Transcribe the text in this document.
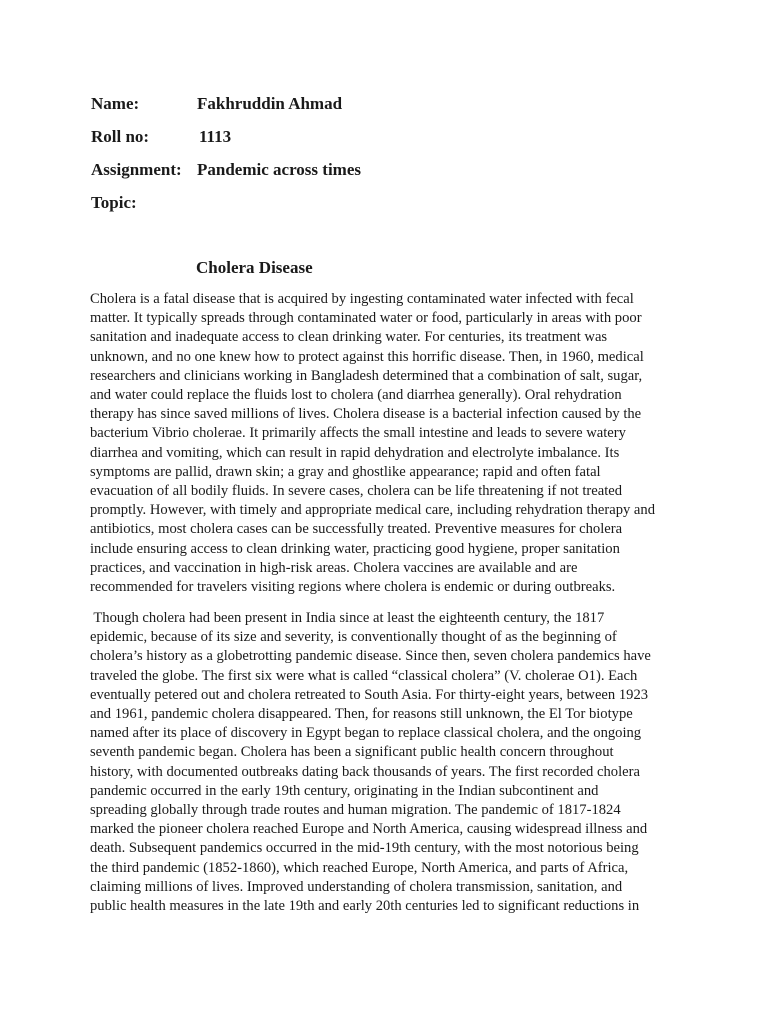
Name:	Fakhruddin Ahmad
Roll no:	1113
Assignment: Pandemic across times
Topic:
Cholera Disease

Cholera is a fatal disease that is acquired by ingesting contaminated water infected with fecal
matter. It typically spreads through contaminated water or food, particularly in areas with poor
sanitation and inadequate access to clean drinking water. For centuries, its treatment was
unknown, and no one knew how to protect against this horrific disease. Then, in 1960, medical
researchers and clinicians working in Bangladesh determined that a combination of salt, sugar,
and water could replace the fluids lost to cholera (and diarrhea generally). Oral rehydration
therapy has since saved millions of lives. Cholera disease is a bacterial infection caused by the
bacterium Vibrio cholerae. It primarily affects the small intestine and leads to severe watery
diarrhea and vomiting, which can result in rapid dehydration and electrolyte imbalance. Its
symptoms are pallid, drawn skin; a gray and ghostlike appearance; rapid and often fatal
evacuation of all bodily fluids. In severe cases, cholera can be life threatening if not treated
promptly. However, with timely and appropriate medical care, including rehydration therapy and
antibiotics, most cholera cases can be successfully treated. Preventive measures for cholera
include ensuring access to clean drinking water, practicing good hygiene, proper sanitation
practices, and vaccination in high-risk areas. Cholera vaccines are available and are
recommended for travelers visiting regions where cholera is endemic or during outbreaks.

Though cholera had been present in India since at least the eighteenth century, the 1817
epidemic, because of its size and severity, is conventionally thought of as the beginning of
cholera’s history as a globetrotting pandemic disease. Since then, seven cholera pandemics have
traveled the globe. The first six were what is called “classical cholera” (V. cholerae O1). Each
eventually petered out and cholera retreated to South Asia. For thirty-eight years, between 1923
and 1961, pandemic cholera disappeared. Then, for reasons still unknown, the El Tor biotype
named after its place of discovery in Egypt began to replace classical cholera, and the ongoing
seventh pandemic began. Cholera has been a significant public health concern throughout
history, with documented outbreaks dating back thousands of years. The first recorded cholera
pandemic occurred in the early 19th century, originating in the Indian subcontinent and
spreading globally through trade routes and human migration. The pandemic of 1817-1824
marked the pioneer cholera reached Europe and North America, causing widespread illness and
death. Subsequent pandemics occurred in the mid-19th century, with the most notorious being
the third pandemic (1852-1860), which reached Europe, North America, and parts of Africa,
claiming millions of lives. Improved understanding of cholera transmission, sanitation, and
public health measures in the late 19th and early 20th centuries led to significant reductions in
